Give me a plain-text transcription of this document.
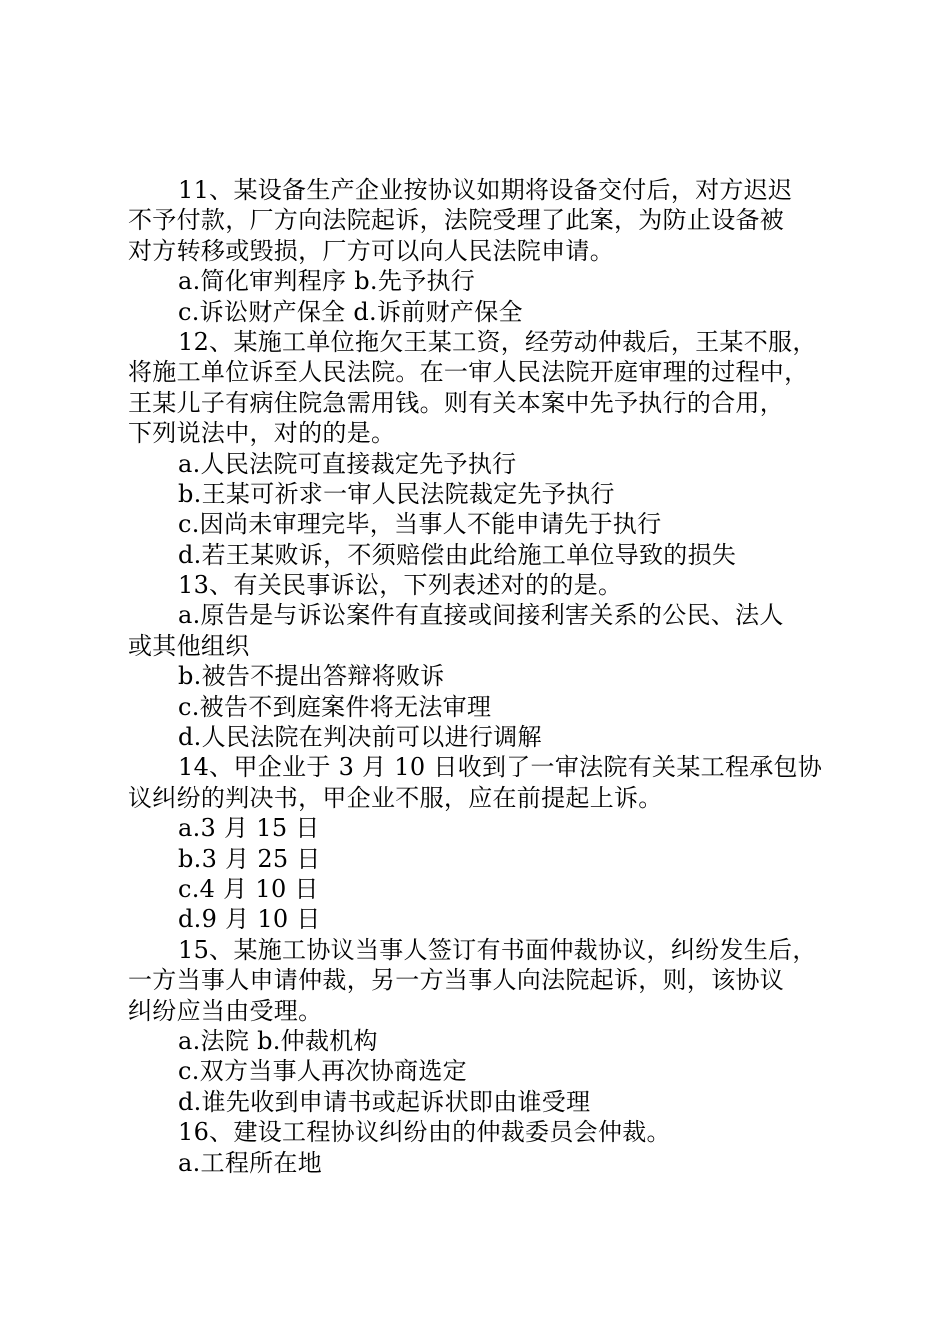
11、某设备生产企业按协议如期将设备交付后，对方迟迟
不予付款，厂方向法院起诉，法院受理了此案，为防止设备被
对方转移或毁损，厂方可以向人民法院申请。
a.简化审判程序 b.先予执行
c.诉讼财产保全 d.诉前财产保全
12、某施工单位拖欠王某工资，经劳动仲裁后，王某不服，
将施工单位诉至人民法院。在一审人民法院开庭审理的过程中，
王某儿子有病住院急需用钱。则有关本案中先予执行的合用，
下列说法中，对的的是。
a.人民法院可直接裁定先予执行
b.王某可祈求一审人民法院裁定先予执行
c.因尚未审理完毕，当事人不能申请先于执行
d.若王某败诉，不须赔偿由此给施工单位导致的损失
13、有关民事诉讼，下列表述对的的是。
a.原告是与诉讼案件有直接或间接利害关系的公民、法人
或其他组织
b.被告不提出答辩将败诉
c.被告不到庭案件将无法审理
d.人民法院在判决前可以进行调解
14、甲企业于 3 月 10 日收到了一审法院有关某工程承包协
议纠纷的判决书，甲企业不服，应在前提起上诉。
a.3 月 15 日
b.3 月 25 日
c.4 月 10 日
d.9 月 10 日
15、某施工协议当事人签订有书面仲裁协议，纠纷发生后，
一方当事人申请仲裁，另一方当事人向法院起诉，则，该协议
纠纷应当由受理。
a.法院 b.仲裁机构
c.双方当事人再次协商选定
d.谁先收到申请书或起诉状即由谁受理
16、建设工程协议纠纷由的仲裁委员会仲裁。
a.工程所在地
